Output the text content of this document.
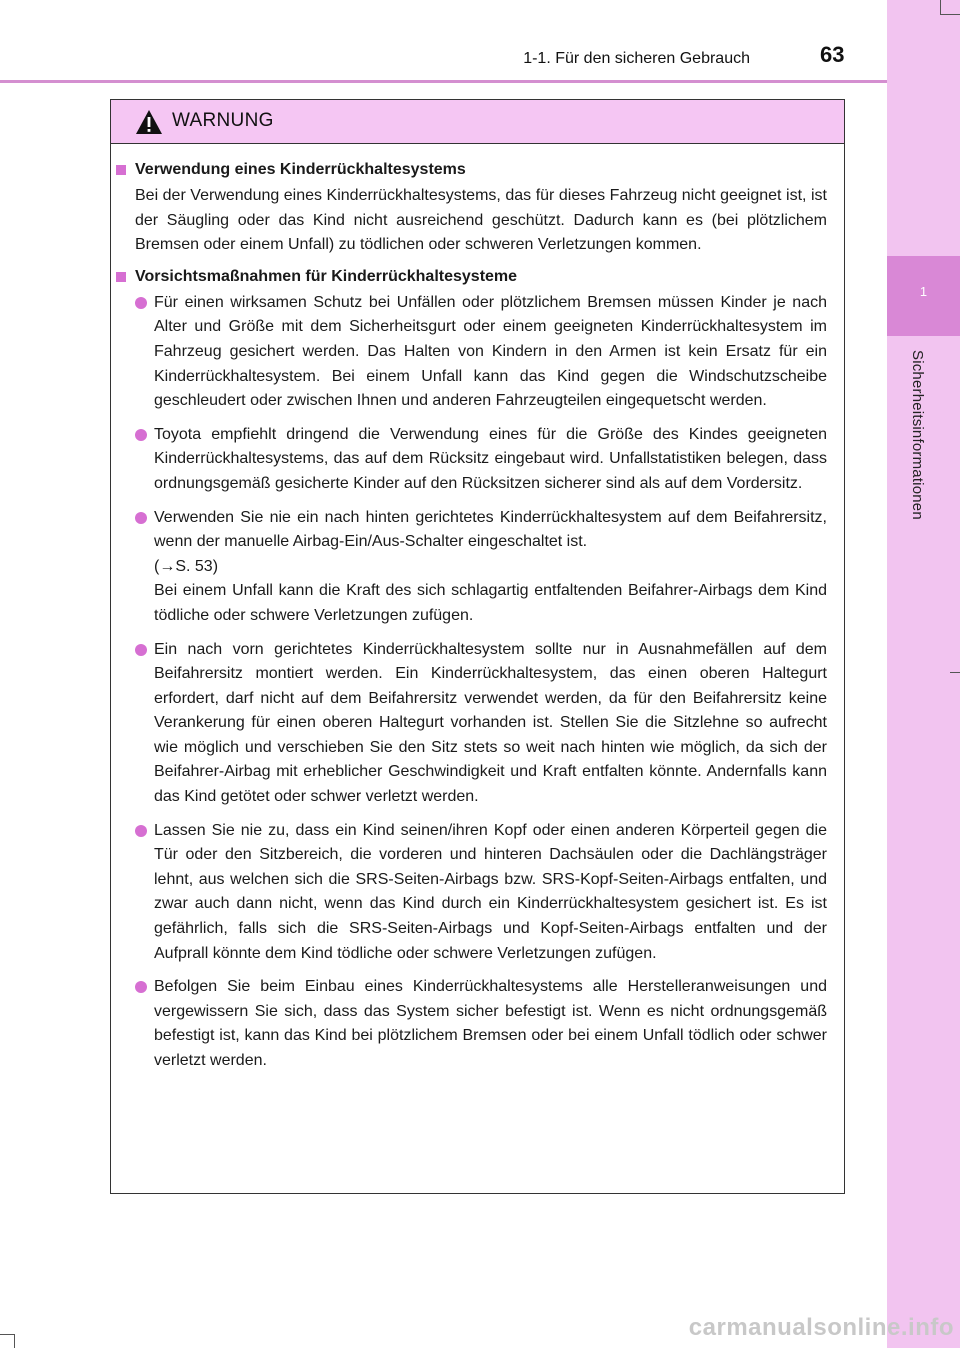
1
Sicherheitsinformationen
1-1. Für den sicheren Gebrauch	63
WARNUNG
Verwendung eines Kinderrückhaltesystems
Bei der Verwendung eines Kinderrückhaltesystems, das für dieses Fahrzeug nicht geeignet ist, ist der Säugling oder das Kind nicht ausreichend geschützt. Dadurch kann es (bei plötzlichem Bremsen oder einem Unfall) zu tödlichen oder schweren Verletzungen kommen.
Vorsichtsmaßnahmen für Kinderrückhaltesysteme
Für einen wirksamen Schutz bei Unfällen oder plötzlichem Bremsen müssen Kinder je nach Alter und Größe mit dem Sicherheitsgurt oder einem geeigneten Kinderrückhaltesystem im Fahrzeug gesichert werden. Das Halten von Kindern in den Armen ist kein Ersatz für ein Kinderrückhaltesystem. Bei einem Unfall kann das Kind gegen die Windschutzscheibe geschleudert oder zwischen Ihnen und anderen Fahrzeugteilen eingequetscht werden.
Toyota empfiehlt dringend die Verwendung eines für die Größe des Kindes geeigneten Kinderrückhaltesystems, das auf dem Rücksitz eingebaut wird. Unfallstatistiken belegen, dass ordnungsgemäß gesicherte Kinder auf den Rücksitzen sicherer sind als auf dem Vordersitz.
Verwenden Sie nie ein nach hinten gerichtetes Kinderrückhaltesystem auf dem Beifahrersitz, wenn der manuelle Airbag-Ein/Aus-Schalter eingeschaltet ist.
(→S. 53)
Bei einem Unfall kann die Kraft des sich schlagartig entfaltenden Beifahrer-Airbags dem Kind tödliche oder schwere Verletzungen zufügen.
Ein nach vorn gerichtetes Kinderrückhaltesystem sollte nur in Ausnahmefällen auf dem Beifahrersitz montiert werden. Ein Kinderrückhaltesystem, das einen oberen Haltegurt erfordert, darf nicht auf dem Beifahrersitz verwendet werden, da für den Beifahrersitz keine Verankerung für einen oberen Haltegurt vorhanden ist. Stellen Sie die Sitzlehne so aufrecht wie möglich und verschieben Sie den Sitz stets so weit nach hinten wie möglich, da sich der Beifahrer-Airbag mit erheblicher Geschwindigkeit und Kraft entfalten könnte. Andernfalls kann das Kind getötet oder schwer verletzt werden.
Lassen Sie nie zu, dass ein Kind seinen/ihren Kopf oder einen anderen Körperteil gegen die Tür oder den Sitzbereich, die vorderen und hinteren Dachsäulen oder die Dachlängsträger lehnt, aus welchen sich die SRS-Seiten-Airbags bzw. SRS-Kopf-Seiten-Airbags entfalten, und zwar auch dann nicht, wenn das Kind durch ein Kinderrückhaltesystem gesichert ist. Es ist gefährlich, falls sich die SRS-Seiten-Airbags und Kopf-Seiten-Airbags entfalten und der Aufprall könnte dem Kind tödliche oder schwere Verletzungen zufügen.
Befolgen Sie beim Einbau eines Kinderrückhaltesystems alle Herstelleranweisungen und vergewissern Sie sich, dass das System sicher befestigt ist. Wenn es nicht ordnungsgemäß befestigt ist, kann das Kind bei plötzlichem Bremsen oder bei einem Unfall tödlich oder schwer verletzt werden.
carmanualsonline.info
